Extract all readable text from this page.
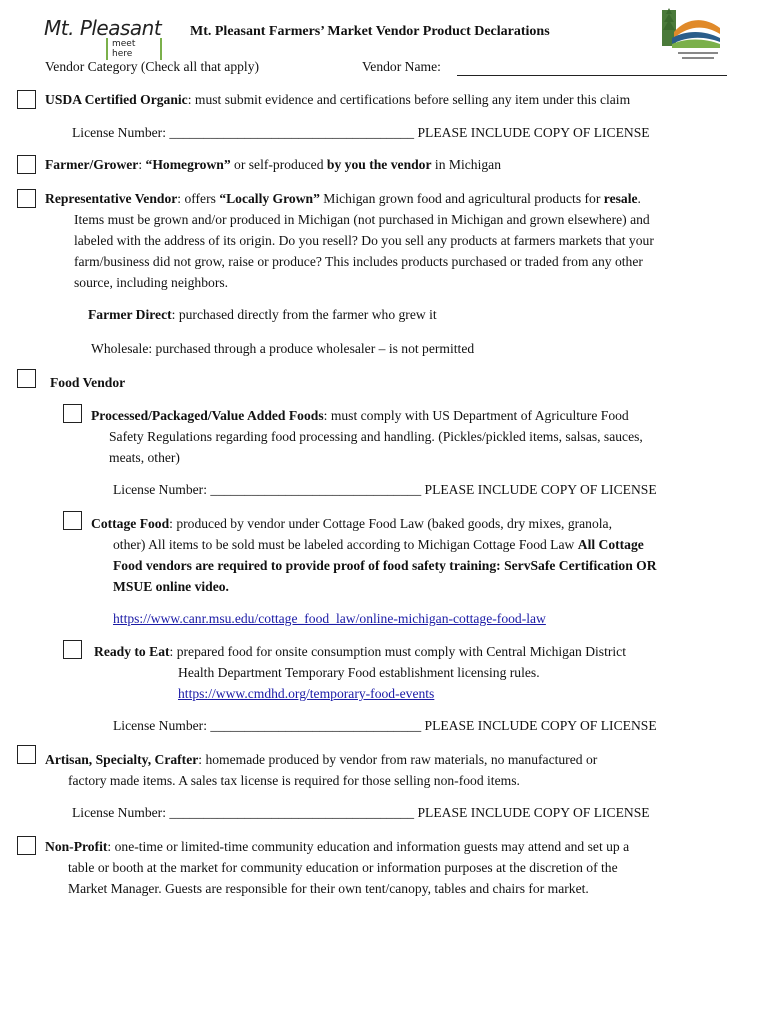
Mt. Pleasant
meet here
Mt. Pleasant Farmers’ Market Vendor Product Declarations
Vendor Category (Check all that apply)	Vendor Name:
USDA Certified Organic: must submit evidence and certifications before selling any item under this claim
License Number: ____________________________________ PLEASE INCLUDE COPY OF LICENSE
Farmer/Grower: “Homegrown” or self-produced by you the vendor in Michigan
Representative Vendor: offers “Locally Grown” Michigan grown food and agricultural products for resale.
Items must be grown and/or produced in Michigan (not purchased in Michigan and grown elsewhere) and
labeled with the address of its origin. Do you resell? Do you sell any products at farmers markets that your
farm/business did not grow, raise or produce? This includes products purchased or traded from any other
source, including neighbors.
Farmer Direct: purchased directly from the farmer who grew it
Wholesale: purchased through a produce wholesaler – is not permitted
Food Vendor
Processed/Packaged/Value Added Foods: must comply with US Department of Agriculture Food
Safety Regulations regarding food processing and handling. (Pickles/pickled items, salsas, sauces,
meats, other)
License Number: _______________________________ PLEASE INCLUDE COPY OF LICENSE
Cottage Food: produced by vendor under Cottage Food Law (baked goods, dry mixes, granola,
other) All items to be sold must be labeled according to Michigan Cottage Food Law All Cottage
Food vendors are required to provide proof of food safety training: ServSafe Certification OR
MSUE online video.
https://www.canr.msu.edu/cottage_food_law/online-michigan-cottage-food-law
Ready to Eat: prepared food for onsite consumption must comply with Central Michigan District
Health Department Temporary Food establishment licensing rules.
https://www.cmdhd.org/temporary-food-events
License Number: _______________________________ PLEASE INCLUDE COPY OF LICENSE
Artisan, Specialty, Crafter: homemade produced by vendor from raw materials, no manufactured or
factory made items. A sales tax license is required for those selling non-food items.
License Number: ____________________________________ PLEASE INCLUDE COPY OF LICENSE
Non-Profit: one-time or limited-time community education and information guests may attend and set up a
table or booth at the market for community education or information purposes at the discretion of the
Market Manager. Guests are responsible for their own tent/canopy, tables and chairs for market.
